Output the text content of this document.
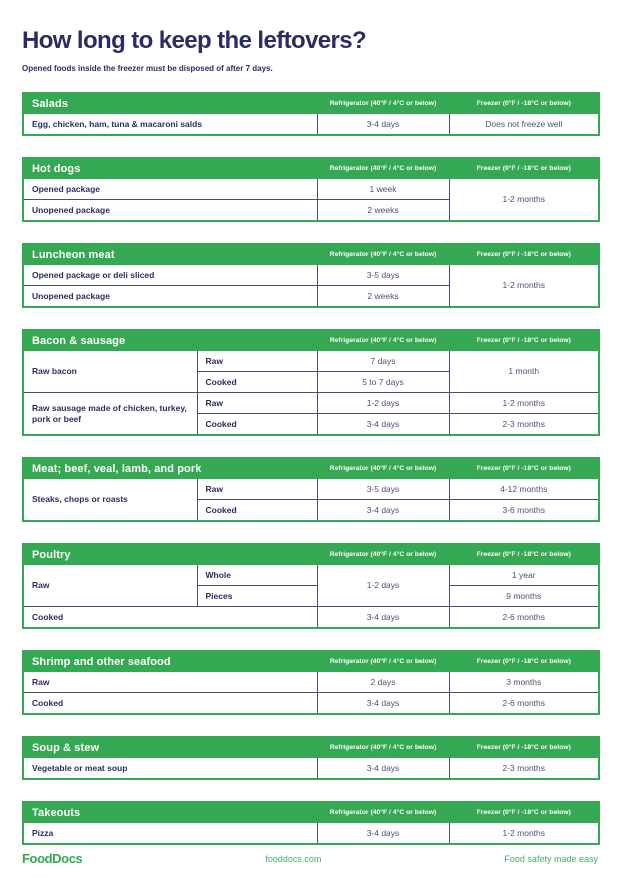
How long to keep the leftovers?

Opened foods inside the freezer must be disposed of after 7 days.

Salads	Refrigerator (40°F / 4°C or below)	Freezer (0°F / -18°C or below)
Egg, chicken, ham, tuna & macaroni salds	3-4 days	Does not freeze well
Hot dogs	Refrigerator (40°F / 4°C or below)	Freezer (0°F / -18°C or below)
Opened package	1 week	1-2 months
Unopened package	2 weeks	
Luncheon meat	Refrigerator (40°F / 4°C or below)	Freezer (0°F / -18°C or below)
Opened package or deli sliced	3-5 days	1-2 months
Unopened package	2 weeks	
Bacon & sausage		Refrigerator (40°F / 4°C or below)	Freezer (0°F / -18°C or below)
Raw bacon	Raw	7 days	1 month
	Cooked	5 to 7 days	
Raw sausage made of chicken, turkey, pork or beef	Raw	1-2 days	1-2 months
	Cooked	3-4 days	2-3 months
Meat; beef, veal, lamb, and pork		Refrigerator (40°F / 4°C or below)	Freezer (0°F / -18°C or below)
Steaks, chops or roasts	Raw	3-5 days	4-12 months
	Cooked	3-4 days	3-6 months
Poultry		Refrigerator (40°F / 4°C or below)	Freezer (0°F / -18°C or below)
Raw	Whole	1-2 days	1 year
	Pieces		9 months
Cooked		3-4 days	2-6 months
Shrimp and other seafood	Refrigerator (40°F / 4°C or below)	Freezer (0°F / -18°C or below)
Raw	2 days	3 months
Cooked	3-4 days	2-6 months
Soup & stew	Refrigerator (40°F / 4°C or below)	Freezer (0°F / -18°C or below)
Vegetable or meat soup	3-4 days	2-3 months
Takeouts	Refrigerator (40°F / 4°C or below)	Freezer (0°F / -18°C or below)
Pizza	3-4 days	1-2 months
FoodDocs	fooddocs.com	Food safety made easy
